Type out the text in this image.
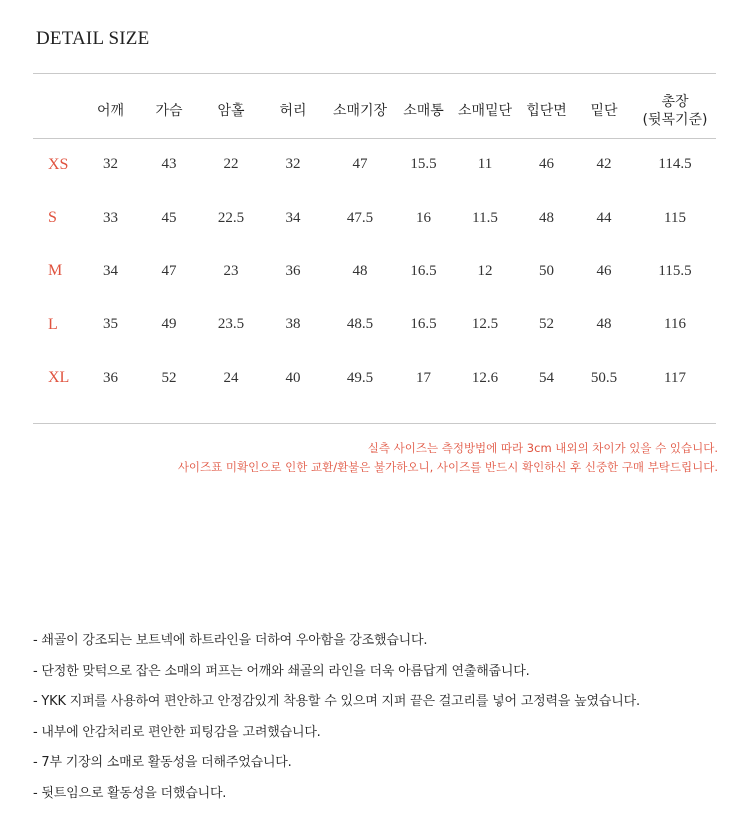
DETAIL SIZE
	어깨	가슴	암홀	허리	소매기장	소매통	소매밑단	힙단면	밑단	총장
(뒷목기준)
XS	32	43	22	32	47	15.5	11	46	42	114.5
S	33	45	22.5	34	47.5	16	11.5	48	44	115
M	34	47	23	36	48	16.5	12	50	46	115.5
L	35	49	23.5	38	48.5	16.5	12.5	52	48	116
XL	36	52	24	40	49.5	17	12.6	54	50.5	117
실측 사이즈는 측정방법에 따라 3cm 내외의 차이가 있을 수 있습니다.
사이즈표 미확인으로 인한 교환/환불은 불가하오니, 사이즈를 반드시 확인하신 후 신중한 구매 부탁드립니다.
- 쇄골이 강조되는 보트넥에 하트라인을 더하여 우아함을 강조했습니다.
- 단정한 맞턱으로 잡은 소매의 퍼프는 어깨와 쇄골의 라인을 더욱 아름답게 연출해줍니다.
- YKK 지퍼를 사용하여 편안하고 안정감있게 착용할 수 있으며 지퍼 끝은 걸고리를 넣어 고정력을 높였습니다.
- 내부에 안감처리로 편안한 피팅감을 고려했습니다.
- 7부 기장의 소매로 활동성을 더해주었습니다.
- 뒷트임으로 활동성을 더했습니다.
